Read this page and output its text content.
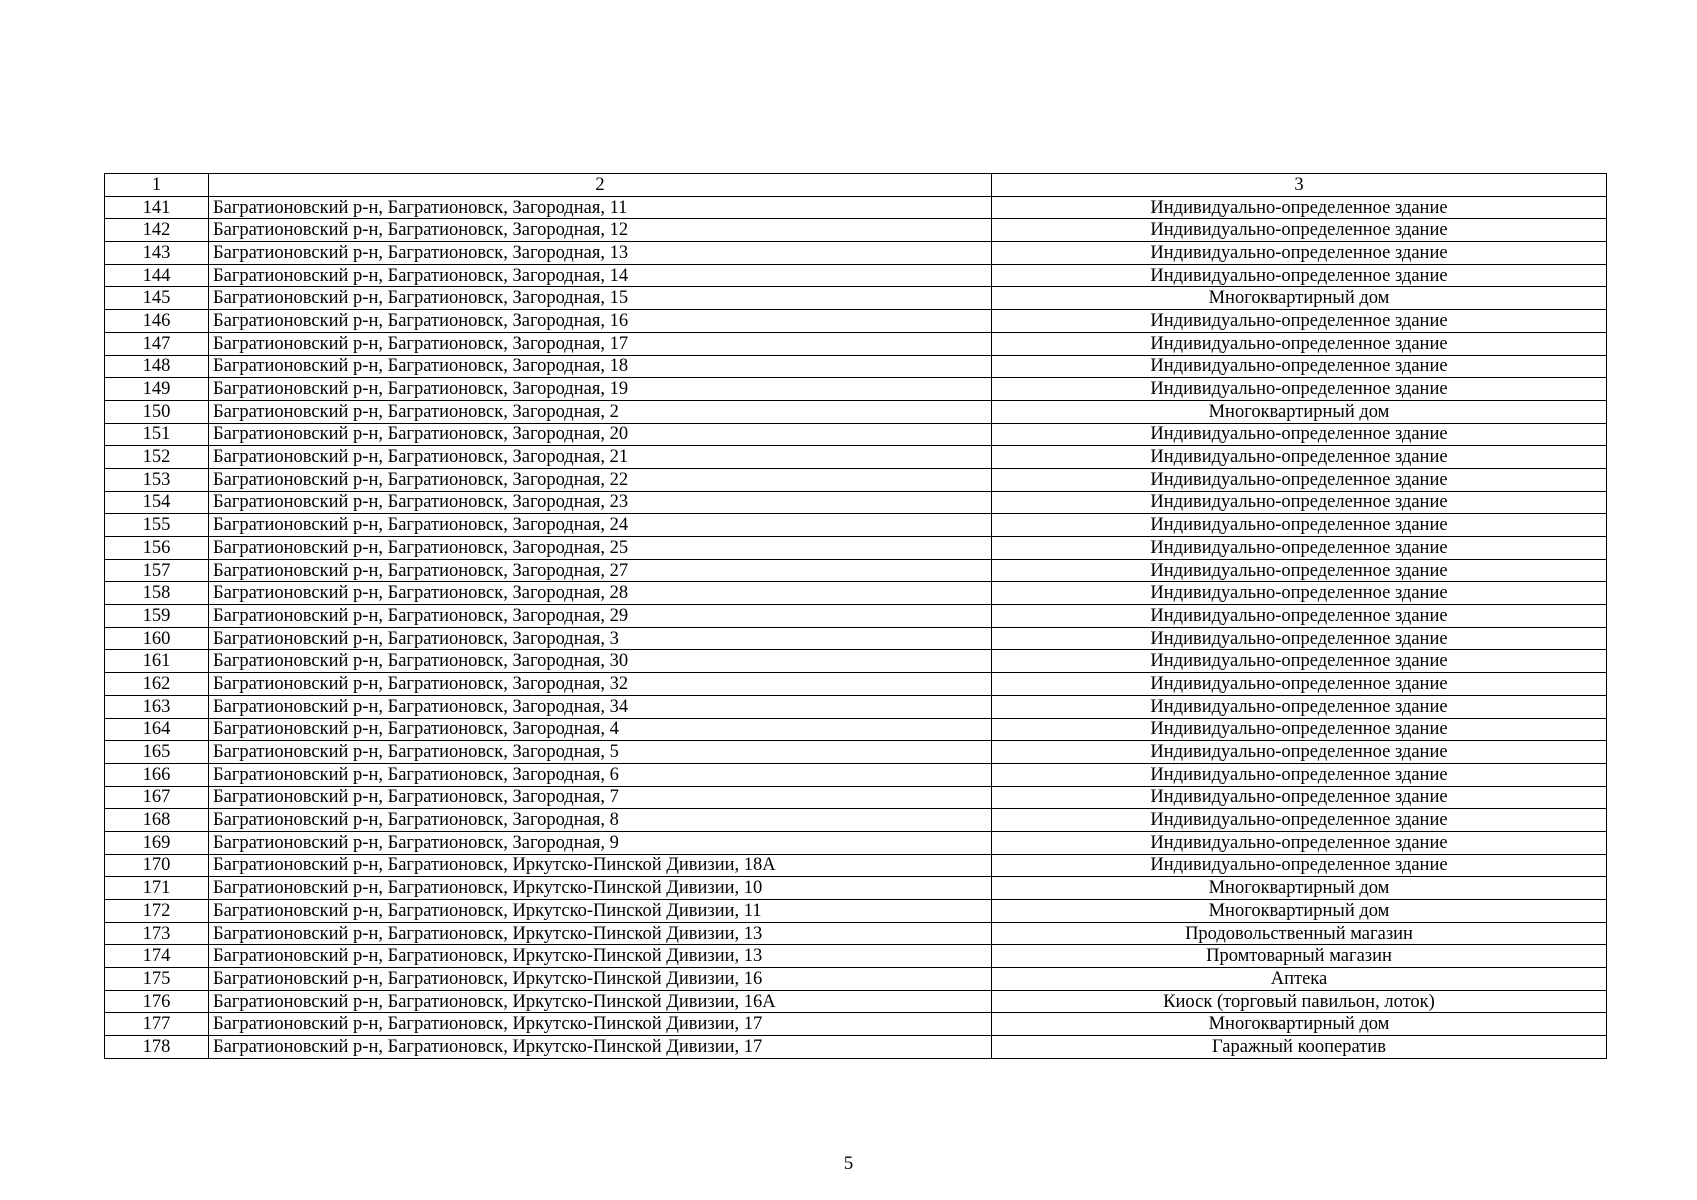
1	2	3
141	Багратионовский р-н, Багратионовск, Загородная, 11	Индивидуально-определенное здание
142	Багратионовский р-н, Багратионовск, Загородная, 12	Индивидуально-определенное здание
143	Багратионовский р-н, Багратионовск, Загородная, 13	Индивидуально-определенное здание
144	Багратионовский р-н, Багратионовск, Загородная, 14	Индивидуально-определенное здание
145	Багратионовский р-н, Багратионовск, Загородная, 15	Многоквартирный дом
146	Багратионовский р-н, Багратионовск, Загородная, 16	Индивидуально-определенное здание
147	Багратионовский р-н, Багратионовск, Загородная, 17	Индивидуально-определенное здание
148	Багратионовский р-н, Багратионовск, Загородная, 18	Индивидуально-определенное здание
149	Багратионовский р-н, Багратионовск, Загородная, 19	Индивидуально-определенное здание
150	Багратионовский р-н, Багратионовск, Загородная, 2	Многоквартирный дом
151	Багратионовский р-н, Багратионовск, Загородная, 20	Индивидуально-определенное здание
152	Багратионовский р-н, Багратионовск, Загородная, 21	Индивидуально-определенное здание
153	Багратионовский р-н, Багратионовск, Загородная, 22	Индивидуально-определенное здание
154	Багратионовский р-н, Багратионовск, Загородная, 23	Индивидуально-определенное здание
155	Багратионовский р-н, Багратионовск, Загородная, 24	Индивидуально-определенное здание
156	Багратионовский р-н, Багратионовск, Загородная, 25	Индивидуально-определенное здание
157	Багратионовский р-н, Багратионовск, Загородная, 27	Индивидуально-определенное здание
158	Багратионовский р-н, Багратионовск, Загородная, 28	Индивидуально-определенное здание
159	Багратионовский р-н, Багратионовск, Загородная, 29	Индивидуально-определенное здание
160	Багратионовский р-н, Багратионовск, Загородная, 3	Индивидуально-определенное здание
161	Багратионовский р-н, Багратионовск, Загородная, 30	Индивидуально-определенное здание
162	Багратионовский р-н, Багратионовск, Загородная, 32	Индивидуально-определенное здание
163	Багратионовский р-н, Багратионовск, Загородная, 34	Индивидуально-определенное здание
164	Багратионовский р-н, Багратионовск, Загородная, 4	Индивидуально-определенное здание
165	Багратионовский р-н, Багратионовск, Загородная, 5	Индивидуально-определенное здание
166	Багратионовский р-н, Багратионовск, Загородная, 6	Индивидуально-определенное здание
167	Багратионовский р-н, Багратионовск, Загородная, 7	Индивидуально-определенное здание
168	Багратионовский р-н, Багратионовск, Загородная, 8	Индивидуально-определенное здание
169	Багратионовский р-н, Багратионовск, Загородная, 9	Индивидуально-определенное здание
170	Багратионовский р-н, Багратионовск, Иркутско-Пинской Дивизии, 18А	Индивидуально-определенное здание
171	Багратионовский р-н, Багратионовск, Иркутско-Пинской Дивизии, 10	Многоквартирный дом
172	Багратионовский р-н, Багратионовск, Иркутско-Пинской Дивизии, 11	Многоквартирный дом
173	Багратионовский р-н, Багратионовск, Иркутско-Пинской Дивизии, 13	Продовольственный магазин
174	Багратионовский р-н, Багратионовск, Иркутско-Пинской Дивизии, 13	Промтоварный магазин
175	Багратионовский р-н, Багратионовск, Иркутско-Пинской Дивизии, 16	Аптека
176	Багратионовский р-н, Багратионовск, Иркутско-Пинской Дивизии, 16А	Киоск (торговый павильон, лоток)
177	Багратионовский р-н, Багратионовск, Иркутско-Пинской Дивизии, 17	Многоквартирный дом
178	Багратионовский р-н, Багратионовск, Иркутско-Пинской Дивизии, 17	Гаражный кооператив
5
